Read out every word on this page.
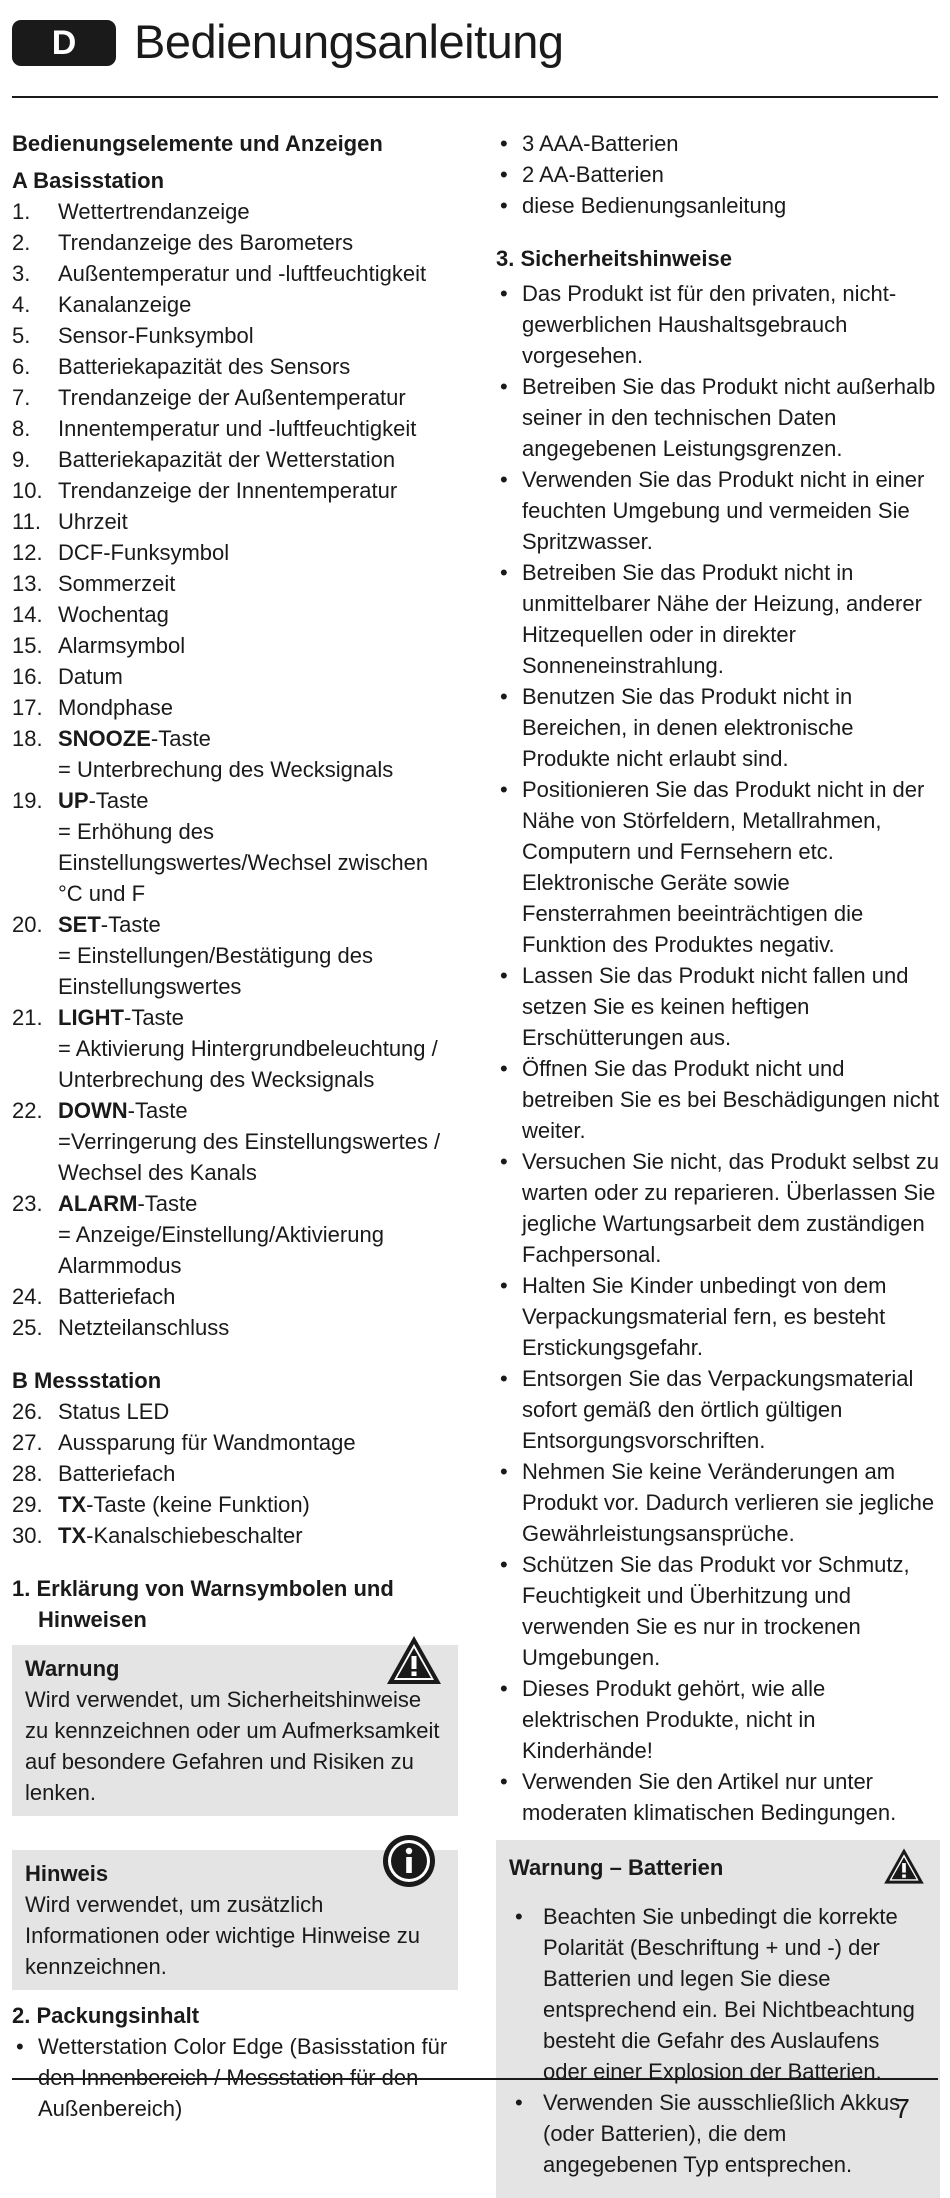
D	Bedienungsanleitung
Bedienungselemente und Anzeigen
A Basisstation
1. Wettertrendanzeige
2. Trendanzeige des Barometers
3. Außentemperatur und -luftfeuchtigkeit
4. Kanalanzeige
5. Sensor-Funksymbol
6. Batteriekapazität des Sensors
7. Trendanzeige der Außentemperatur
8. Innentemperatur und -luftfeuchtigkeit
9. Batteriekapazität der Wetterstation
10. Trendanzeige der Innentemperatur
11. Uhrzeit
12. DCF-Funksymbol
13. Sommerzeit
14. Wochentag
15. Alarmsymbol
16. Datum
17. Mondphase
18. SNOOZE-Taste
= Unterbrechung des Wecksignals
19. UP-Taste
= Erhöhung des Einstellungswertes/Wechsel zwischen °C und F
20. SET-Taste
= Einstellungen/Bestätigung des Einstellungswertes
21. LIGHT-Taste
= Aktivierung Hintergrundbeleuchtung / Unterbrechung des Wecksignals
22. DOWN-Taste
=Verringerung des Einstellungswertes / Wechsel des Kanals
23. ALARM-Taste
= Anzeige/Einstellung/Aktivierung Alarmmodus
24. Batteriefach
25. Netzteilanschluss
B Messstation
26. Status LED
27. Aussparung für Wandmontage
28. Batteriefach
29. TX-Taste (keine Funktion)
30. TX-Kanalschiebeschalter
1. Erklärung von Warnsymbolen und
Hinweisen
Warnung
Wird verwendet, um Sicherheitshinweise zu kennzeichnen oder um Aufmerksamkeit auf besondere Gefahren und Risiken zu lenken.
Hinweis
Wird verwendet, um zusätzlich Informationen oder wichtige Hinweise zu kennzeichnen.
2. Packungsinhalt
• Wetterstation Color Edge (Basisstation für den Innenbereich / Messstation für den Außenbereich)
• 3 AAA-Batterien
• 2 AA-Batterien
• diese Bedienungsanleitung
3. Sicherheitshinweise
• Das Produkt ist für den privaten, nicht-gewerblichen Haushaltsgebrauch vorgesehen.
• Betreiben Sie das Produkt nicht außerhalb seiner in den technischen Daten angegebenen Leistungsgrenzen.
• Verwenden Sie das Produkt nicht in einer feuchten Umgebung und vermeiden Sie Spritzwasser.
• Betreiben Sie das Produkt nicht in unmittelbarer Nähe der Heizung, anderer Hitzequellen oder in direkter Sonneneinstrahlung.
• Benutzen Sie das Produkt nicht in Bereichen, in denen elektronische Produkte nicht erlaubt sind.
• Positionieren Sie das Produkt nicht in der Nähe von Störfeldern, Metallrahmen, Computern und Fernsehern etc. Elektronische Geräte sowie Fensterrahmen beeinträchtigen die Funktion des Produktes negativ.
• Lassen Sie das Produkt nicht fallen und setzen Sie es keinen heftigen Erschütterungen aus.
• Öffnen Sie das Produkt nicht und betreiben Sie es bei Beschädigungen nicht weiter.
• Versuchen Sie nicht, das Produkt selbst zu warten oder zu reparieren. Überlassen Sie jegliche Wartungsarbeit dem zuständigen Fachpersonal.
• Halten Sie Kinder unbedingt von dem Verpackungsmaterial fern, es besteht Erstickungsgefahr.
• Entsorgen Sie das Verpackungsmaterial sofort gemäß den örtlich gültigen Entsorgungsvorschriften.
• Nehmen Sie keine Veränderungen am Produkt vor. Dadurch verlieren sie jegliche Gewährleistungsansprüche.
• Schützen Sie das Produkt vor Schmutz, Feuchtigkeit und Überhitzung und verwenden Sie es nur in trockenen Umgebungen.
• Dieses Produkt gehört, wie alle elektrischen Produkte, nicht in Kinderhände!
• Verwenden Sie den Artikel nur unter moderaten klimatischen Bedingungen.
Warnung – Batterien
• Beachten Sie unbedingt die korrekte Polarität (Beschriftung + und -) der Batterien und legen Sie diese entsprechend ein. Bei Nichtbeachtung besteht die Gefahr des Auslaufens oder einer Explosion der Batterien.
• Verwenden Sie ausschließlich Akkus (oder Batterien), die dem angegebenen Typ entsprechen.
7
